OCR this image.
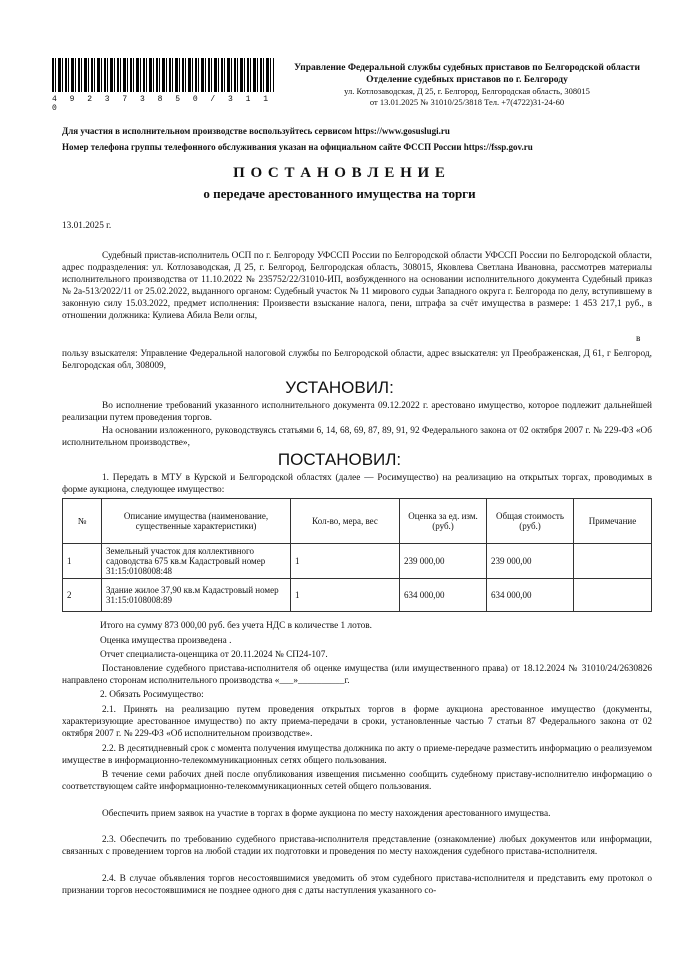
4 9 2 3 7 3 8 5 0 / 3 1 1 0
Управление Федеральной службы судебных приставов по Белгородской области
Отделение судебных приставов по г. Белгороду
ул. Котлозаводская, Д 25, г. Белгород, Белгородская область, 308015
от 13.01.2025 № 31010/25/3818 Тел. +7(4722)31-24-60
Для участия в исполнительном производстве воспользуйтесь сервисом https://www.gosuslugi.ru
Номер телефона группы телефонного обслуживания указан на официальном сайте ФССП России https://fssp.gov.ru
П О С Т А Н О В Л Е Н И Е
о передаче арестованного имущества на торги
13.01.2025 г.
Судебный пристав-исполнитель ОСП по г. Белгороду УФССП России по Белгородской области УФССП России по Белгородской области, адрес подразделения: ул. Котлозаводская, Д 25, г. Белгород, Белгородская область, 308015, Яковлева Светлана Ивановна, рассмотрев материалы исполнительного производства от 11.10.2022 № 235752/22/31010-ИП, возбужденного на основании исполнительного документа Судебный приказ № 2а-513/2022/11 от 25.02.2022, выданного органом: Судебный участок № 11 мирового судьи Западного округа г. Белгорода по делу, вступившему в законную силу 15.03.2022, предмет исполнения: Произвести взыскание налога, пени, штрафа за счёт имущества в размере: 1 453 217,1 руб., в отношении должника: Кулиева Абила Вели оглы,
в
пользу взыскателя: Управление Федеральной налоговой службы по Белгородской области, адрес взыскателя: ул Преображенская, Д 61, г Белгород, Белгородская обл, 308009,
УСТАНОВИЛ:
Во исполнение требований указанного исполнительного документа 09.12.2022 г. арестовано имущество, которое подлежит дальнейшей реализации путем проведения торгов.
На основании изложенного, руководствуясь статьями 6, 14, 68, 69, 87, 89, 91, 92 Федерального закона от 02 октября 2007 г. № 229-ФЗ «Об исполнительном производстве»,
ПОСТАНОВИЛ:
1. Передать в МТУ в Курской и Белгородской областях (далее — Росимущество) на реализацию на открытых торгах, проводимых в форме аукциона, следующее имущество:
№	Описание имущества (наименование, существенные характеристики)	Кол-во, мера, вес	Оценка за ед. изм. (руб.)	Общая стоимость (руб.)	Примечание
1	Земельный участок для коллективного садоводства 675 кв.м Кадастровый номер 31:15:0108008:48	1	239 000,00	239 000,00	
2	Здание жилое 37,90 кв.м Кадастровый номер 31:15:0108008:89	1	634 000,00	634 000,00	
Итого на сумму 873 000,00 руб. без учета НДС в количестве 1 лотов.
Оценка имущества произведена .
Отчет специалиста-оценщика от 20.11.2024 № СП24-107.
Постановление судебного пристава-исполнителя об оценке имущества (или имущественного права) от 18.12.2024 № 31010/24/2630826 направлено сторонам исполнительного производства «___»__________г.
2. Обязать Росимущество:
2.1. Принять на реализацию путем проведения открытых торгов в форме аукциона арестованное имущество (документы, характеризующие арестованное имущество) по акту приема-передачи в сроки, установленные частью 7 статьи 87 Федерального закона от 02 октября 2007 г. № 229-ФЗ «Об исполнительном производстве».
2.2. В десятидневный срок с момента получения имущества должника по акту о приеме-передаче разместить информацию о реализуемом имуществе в информационно-телекоммуникационных сетях общего пользования.
В течение семи рабочих дней после опубликования извещения письменно сообщить судебному приставу-исполнителю информацию о соответствующем сайте информационно-телекоммуникационных сетей общего пользования.
Обеспечить прием заявок на участие в торгах в форме аукциона по месту нахождения арестованного имущества.
2.3. Обеспечить по требованию судебного пристава-исполнителя представление (ознакомление) любых документов или информации, связанных с проведением торгов на любой стадии их подготовки и проведения по месту нахождения судебного пристава-исполнителя.
2.4. В случае объявления торгов несостоявшимися уведомить об этом судебного пристава-исполнителя и представить ему протокол о признании торгов несостоявшимися не позднее одного дня с даты наступления указанного со-
